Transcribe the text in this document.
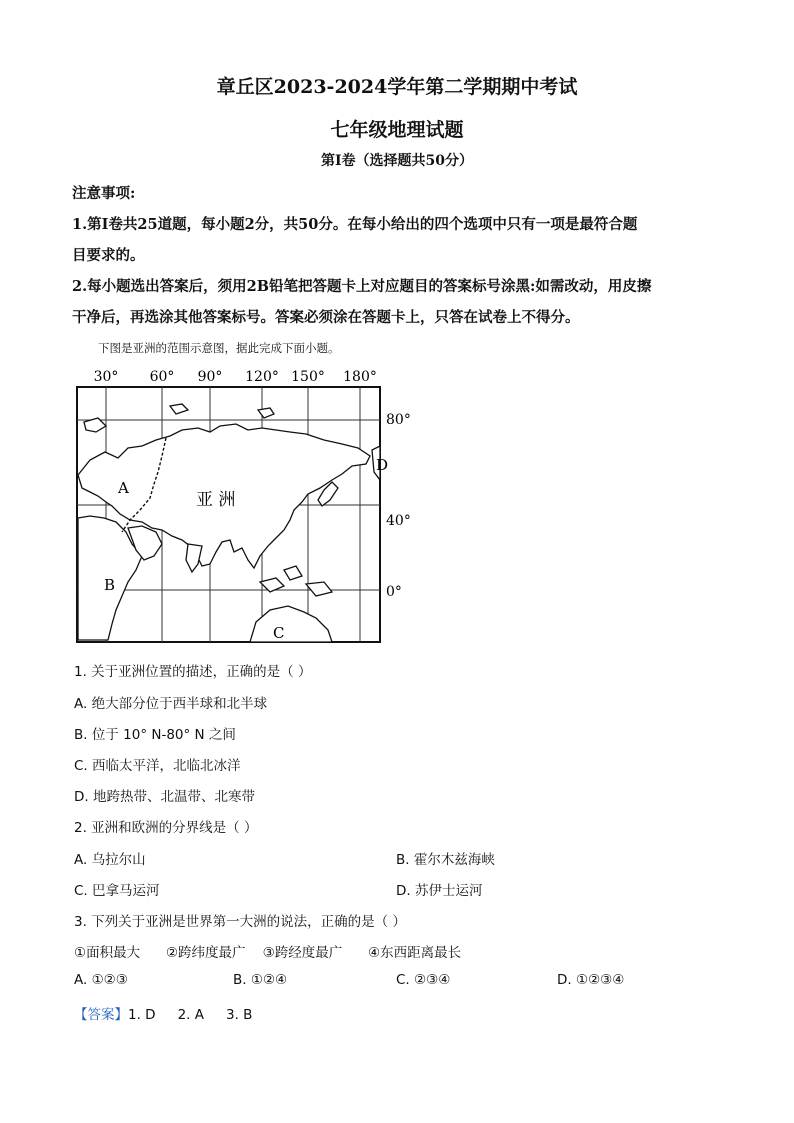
章丘区2023-2024学年第二学期期中考试
七年级地理试题
第Ⅰ卷（选择题共50分）
注意事项:
1.第Ⅰ卷共25道题，每小题2分，共50分。在每小给出的四个选项中只有一项是最符合题
目要求的。
2.每小题选出答案后，须用2B铅笔把答题卡上对应题目的答案标号涂黑:如需改动，用皮擦
干净后，再选涂其他答案标号。答案必须涂在答题卡上，只答在试卷上不得分。
下图是亚洲的范围示意图，据此完成下面小题。
30° 60° 90° 120° 150° 180°
80°
40°
0°
亚 洲
A
B
C
D
1. 关于亚洲位置的描述，正确的是（ ）
A. 绝大部分位于西半球和北半球
B. 位于 10° N-80° N 之间
C. 西临太平洋，北临北冰洋
D. 地跨热带、北温带、北寒带
2. 亚洲和欧洲的分界线是（ ）
A. 乌拉尔山	B. 霍尔木兹海峡
C. 巴拿马运河	D. 苏伊士运河
3. 下列关于亚洲是世界第一大洲的说法，正确的是（ ）
①面积最大      ②跨纬度最广    ③跨经度最广      ④东西距离最长
A. ①②③	B. ①②④	C. ②③④	D. ①②③④
【答案】1. D 2. A 3. B
